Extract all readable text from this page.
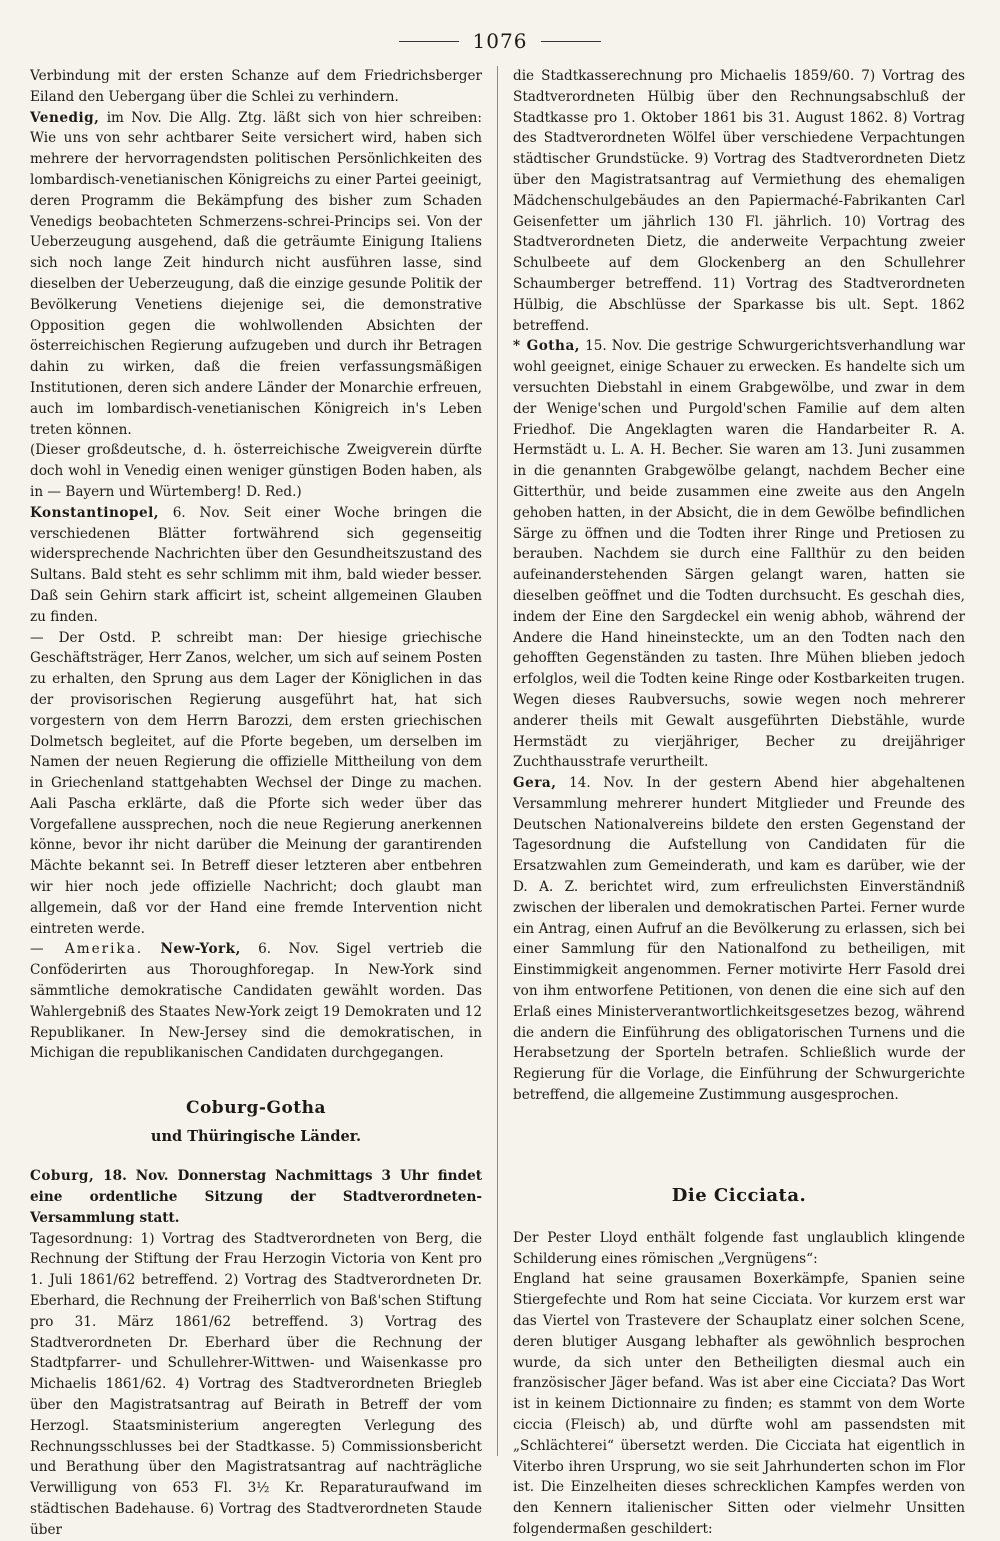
1076

Verbindung mit der ersten Schanze auf dem Friedrichsberger Eiland den Uebergang über die Schlei zu verhindern.

Venedig, im Nov. Die Allg. Ztg. läßt sich von hier schreiben: Wie uns von sehr achtbarer Seite versichert wird, haben sich mehrere der hervorragendsten politischen Persönlichkeiten des lombardisch-venetianischen Königreichs zu einer Partei geeinigt, deren Programm die Bekämpfung des bisher zum Schaden Venedigs beobachteten Schmerzens-schrei-Princips sei. Von der Ueberzeugung ausgehend, daß die geträumte Einigung Italiens sich noch lange Zeit hindurch nicht ausführen lasse, sind dieselben der Ueberzeugung, daß die einzige gesunde Politik der Bevölkerung Venetiens diejenige sei, die demonstrative Opposition gegen die wohlwollenden Absichten der österreichischen Regierung aufzugeben und durch ihr Betragen dahin zu wirken, daß die freien verfassungsmäßigen Institutionen, deren sich andere Länder der Monarchie erfreuen, auch im lombardisch-venetianischen Königreich in's Leben treten können.

(Dieser großdeutsche, d. h. österreichische Zweigverein dürfte doch wohl in Venedig einen weniger günstigen Boden haben, als in — Bayern und Würtemberg! D. Red.)

Konstantinopel, 6. Nov. Seit einer Woche bringen die verschiedenen Blätter fortwährend sich gegenseitig widersprechende Nachrichten über den Gesundheitszustand des Sultans. Bald steht es sehr schlimm mit ihm, bald wieder besser. Daß sein Gehirn stark afficirt ist, scheint allgemeinen Glauben zu finden.

— Der Ostd. P. schreibt man: Der hiesige griechische Geschäftsträger, Herr Zanos, welcher, um sich auf seinem Posten zu erhalten, den Sprung aus dem Lager der Königlichen in das der provisorischen Regierung ausgeführt hat, hat sich vorgestern von dem Herrn Barozzi, dem ersten griechischen Dolmetsch begleitet, auf die Pforte begeben, um derselben im Namen der neuen Regierung die offizielle Mittheilung von dem in Griechenland stattgehabten Wechsel der Dinge zu machen. Aali Pascha erklärte, daß die Pforte sich weder über das Vorgefallene aussprechen, noch die neue Regierung anerkennen könne, bevor ihr nicht darüber die Meinung der garantirenden Mächte bekannt sei. In Betreff dieser letzteren aber entbehren wir hier noch jede offizielle Nachricht; doch glaubt man allgemein, daß vor der Hand eine fremde Intervention nicht eintreten werde.

— Amerika. New-York, 6. Nov. Sigel vertrieb die Conföderirten aus Thoroughforegap. In New-York sind sämmtliche demokratische Candidaten gewählt worden. Das Wahlergebniß des Staates New-York zeigt 19 Demokraten und 12 Republikaner. In New-Jersey sind die demokratischen, in Michigan die republikanischen Candidaten durchgegangen.

Coburg-Gotha
und Thüringische Länder.

Coburg, 18. Nov. Donnerstag Nachmittags 3 Uhr findet eine ordentliche Sitzung der Stadtverordneten-Versammlung statt.

Tagesordnung: 1) Vortrag des Stadtverordneten von Berg, die Rechnung der Stiftung der Frau Herzogin Victoria von Kent pro 1. Juli 1861/62 betreffend. 2) Vortrag des Stadtverordneten Dr. Eberhard, die Rechnung der Freiherrlich von Baß'schen Stiftung pro 31. März 1861/62 betreffend. 3) Vortrag des Stadtverordneten Dr. Eberhard über die Rechnung der Stadtpfarrer- und Schullehrer-Wittwen- und Waisenkasse pro Michaelis 1861/62. 4) Vortrag des Stadtverordneten Briegleb über den Magistratsantrag auf Beirath in Betreff der vom Herzogl. Staatsministerium angeregten Verlegung des Rechnungsschlusses bei der Stadtkasse. 5) Commissionsbericht und Berathung über den Magistratsantrag auf nachträgliche Verwilligung von 653 Fl. 3½ Kr. Reparaturaufwand im städtischen Badehause. 6) Vortrag des Stadtverordneten Staude über

die Stadtkasserechnung pro Michaelis 1859/60. 7) Vortrag des Stadtverordneten Hülbig über den Rechnungsabschluß der Stadtkasse pro 1. Oktober 1861 bis 31. August 1862. 8) Vortrag des Stadtverordneten Wölfel über verschiedene Verpachtungen städtischer Grundstücke. 9) Vortrag des Stadtverordneten Dietz über den Magistratsantrag auf Vermiethung des ehemaligen Mädchenschulgebäudes an den Papiermaché-Fabrikanten Carl Geisenfetter um jährlich 130 Fl. jährlich. 10) Vortrag des Stadtverordneten Dietz, die anderweite Verpachtung zweier Schulbeete auf dem Glockenberg an den Schullehrer Schaumberger betreffend. 11) Vortrag des Stadtverordneten Hülbig, die Abschlüsse der Sparkasse bis ult. Sept. 1862 betreffend.

* Gotha, 15. Nov. Die gestrige Schwurgerichtsverhandlung war wohl geeignet, einige Schauer zu erwecken. Es handelte sich um versuchten Diebstahl in einem Grabgewölbe, und zwar in dem der Wenige'schen und Purgold'schen Familie auf dem alten Friedhof. Die Angeklagten waren die Handarbeiter R. A. Hermstädt u. L. A. H. Becher. Sie waren am 13. Juni zusammen in die genannten Grabgewölbe gelangt, nachdem Becher eine Gitterthür, und beide zusammen eine zweite aus den Angeln gehoben hatten, in der Absicht, die in dem Gewölbe befindlichen Särge zu öffnen und die Todten ihrer Ringe und Pretiosen zu berauben. Nachdem sie durch eine Fallthür zu den beiden aufeinanderstehenden Särgen gelangt waren, hatten sie dieselben geöffnet und die Todten durchsucht. Es geschah dies, indem der Eine den Sargdeckel ein wenig abhob, während der Andere die Hand hineinsteckte, um an den Todten nach den gehofften Gegenständen zu tasten. Ihre Mühen blieben jedoch erfolglos, weil die Todten keine Ringe oder Kostbarkeiten trugen. Wegen dieses Raubversuchs, sowie wegen noch mehrerer anderer theils mit Gewalt ausgeführten Diebstähle, wurde Hermstädt zu vierjähriger, Becher zu dreijähriger Zuchthausstrafe verurtheilt.

Gera, 14. Nov. In der gestern Abend hier abgehaltenen Versammlung mehrerer hundert Mitglieder und Freunde des Deutschen Nationalvereins bildete den ersten Gegenstand der Tagesordnung die Aufstellung von Candidaten für die Ersatzwahlen zum Gemeinderath, und kam es darüber, wie der D. A. Z. berichtet wird, zum erfreulichsten Einverständniß zwischen der liberalen und demokratischen Partei. Ferner wurde ein Antrag, einen Aufruf an die Bevölkerung zu erlassen, sich bei einer Sammlung für den Nationalfond zu betheiligen, mit Einstimmigkeit angenommen. Ferner motivirte Herr Fasold drei von ihm entworfene Petitionen, von denen die eine sich auf den Erlaß eines Ministerverantwortlichkeitsgesetzes bezog, während die andern die Einführung des obligatorischen Turnens und die Herabsetzung der Sporteln betrafen. Schließlich wurde der Regierung für die Vorlage, die Einführung der Schwurgerichte betreffend, die allgemeine Zustimmung ausgesprochen.

Die Cicciata.

Der Pester Lloyd enthält folgende fast unglaublich klingende Schilderung eines römischen „Vergnügens“:

England hat seine grausamen Boxerkämpfe, Spanien seine Stiergefechte und Rom hat seine Cicciata. Vor kurzem erst war das Viertel von Trastevere der Schauplatz einer solchen Scene, deren blutiger Ausgang lebhafter als gewöhnlich besprochen wurde, da sich unter den Betheiligten diesmal auch ein französischer Jäger befand. Was ist aber eine Cicciata? Das Wort ist in keinem Dictionnaire zu finden; es stammt von dem Worte ciccia (Fleisch) ab, und dürfte wohl am passendsten mit „Schlächterei“ übersetzt werden. Die Cicciata hat eigentlich in Viterbo ihren Ursprung, wo sie seit Jahrhunderten schon im Flor ist. Die Einzelheiten dieses schrecklichen Kampfes werden von den Kennern italienischer Sitten oder vielmehr Unsitten folgendermaßen geschildert:
